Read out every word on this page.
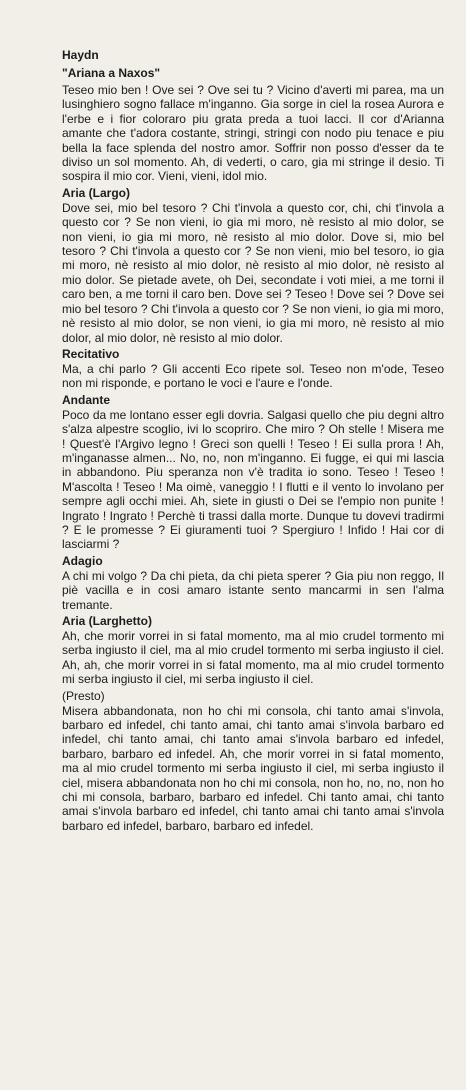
Haydn
"Ariana a Naxos"
Teseo mio ben ! Ove sei ? Ove sei tu ? Vicino d'averti mi parea, ma un lusinghiero sogno fallace m'inganno. Gia sorge in ciel la rosea Aurora e l'erbe e i fior coloraro piu grata preda a tuoi lacci. Il cor d'Arianna amante che t'adora costante, stringi, stringi con nodo piu tenace e piu bella la face splenda del nostro amor. Soffrir non posso d'esser da te diviso un sol momento. Ah, di vederti, o caro, gia mi stringe il desio. Ti sospira il mio cor. Vieni, vieni, idol mio.
Aria (Largo)
Dove sei, mio bel tesoro ? Chi t'invola a questo cor, chi, chi t'invola a questo cor ? Se non vieni, io gia mi moro, nè resisto al mio dolor, se non vieni, io gia mi moro, nè resisto al mio dolor. Dove si, mio bel tesoro ? Chi t'invola a questo cor ? Se non vieni, mio bel tesoro, io gia mi moro, nè resisto al mio dolor, nè resisto al mio dolor, nè resisto al mio dolor. Se pietade avete, oh Dei, secondate i voti miei, a me torni il caro ben, a me torni il caro ben. Dove sei ? Teseo ! Dove sei ? Dove sei mio bel tesoro ? Chi t'invola a questo cor ? Se non vieni, io gia mi moro, nè resisto al mio dolor, se non vieni, io gia mi moro, nè resisto al mio dolor, al mio dolor, nè resisto al mio dolor.
Recitativo
Ma, a chi parlo ? Gli accenti Eco ripete sol. Teseo non m'ode, Teseo non mi risponde, e portano le voci e l'aure e l'onde.
Andante
Poco da me lontano esser egli dovria. Salgasi quello che piu degni altro s'alza alpestre scoglio, ivi lo scopriro. Che miro ? Oh stelle ! Misera me ! Quest'è l'Argivo legno ! Greci son quelli ! Teseo ! Ei sulla prora ! Ah, m'inganasse almen... No, no, non m'inganno. Ei fugge, ei qui mi lascia in abbandono. Piu speranza non v'è tradita io sono. Teseo ! Teseo ! M'ascolta ! Teseo ! Ma oimè, vaneggio ! I flutti e il vento lo involano per sempre agli occhi miei. Ah, siete in giusti o Dei se l'empio non punite ! Ingrato ! Ingrato ! Perchè ti trassi dalla morte. Dunque tu dovevi tradirmi ? E le promesse ? Ei giuramenti tuoi ? Spergiuro ! Infido ! Hai cor di lasciarmi ?
Adagio
A chi mi volgo ? Da chi pieta, da chi pieta sperer ? Gia piu non reggo, Il piè vacilla e in cosi amaro istante sento mancarmi in sen l'alma tremante.
Aria (Larghetto)
Ah, che morir vorrei in si fatal momento, ma al mio crudel tormento mi serba ingiusto il ciel, ma al mio crudel tormento mi serba ingiusto il ciel. Ah, ah, che morir vorrei in si fatal momento, ma al mio crudel tormento mi serba ingiusto il ciel, mi serba ingiusto il ciel.
(Presto)
Misera abbandonata, non ho chi mi consola, chi tanto amai s'invola, barbaro ed infedel, chi tanto amai, chi tanto amai s'invola barbaro ed infedel, chi tanto amai, chi tanto amai s'invola barbaro ed infedel, barbaro, barbaro ed infedel. Ah, che morir vorrei in si fatal momento, ma al mio crudel tormento mi serba ingiusto il ciel, mi serba ingiusto il ciel, misera abbandonata non ho chi mi consola, non ho, no, no, non ho chi mi consola, barbaro, barbaro ed infedel. Chi tanto amai, chi tanto amai s'invola barbaro ed infedel, chi tanto amai chi tanto amai s'invola barbaro ed infedel, barbaro, barbaro ed infedel.
